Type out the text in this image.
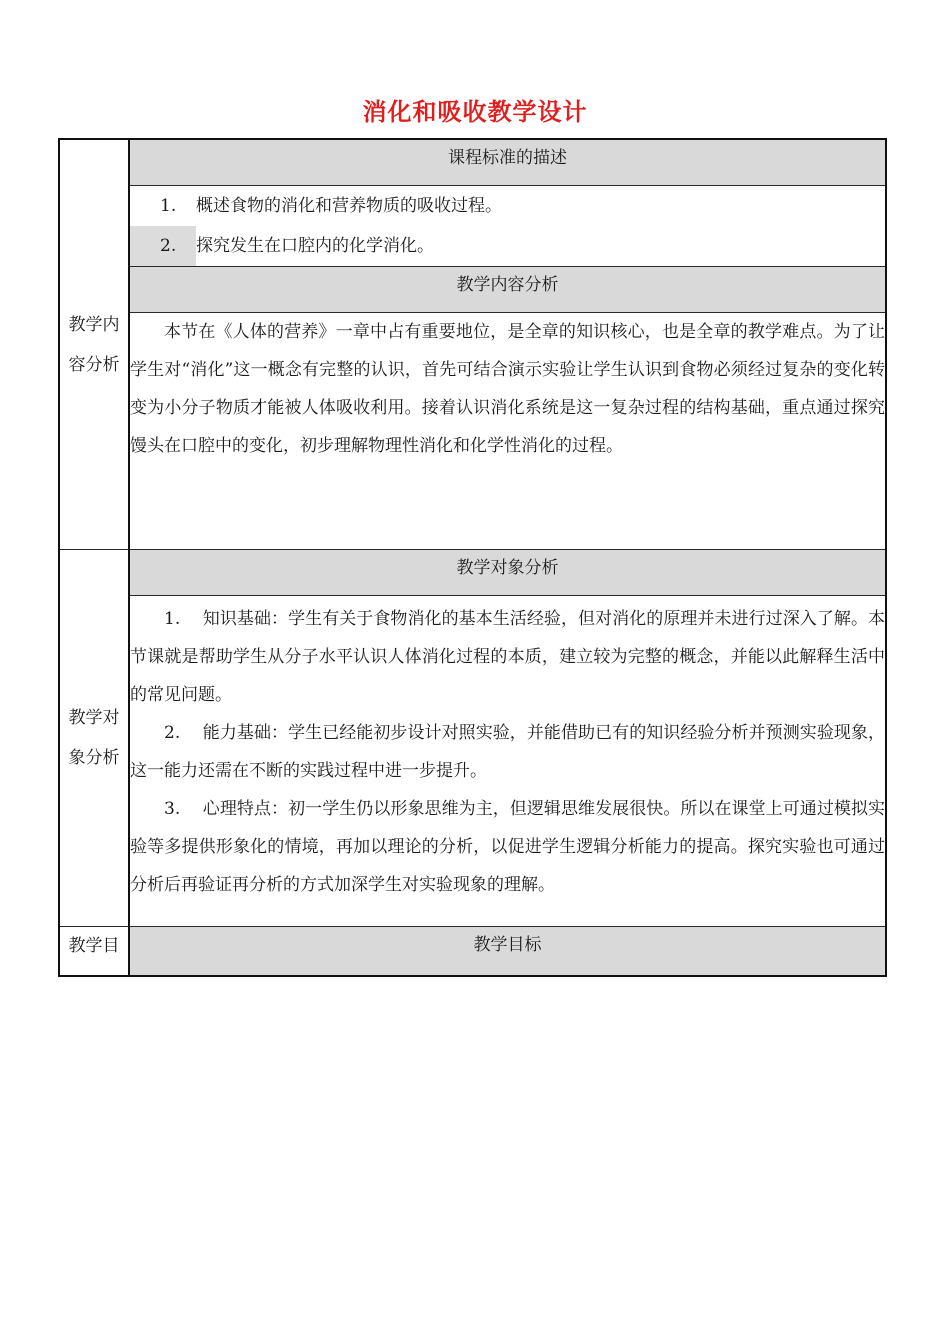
消化和吸收教学设计
教学内
容分析	课程标准的描述

	1. 概述食物的消化和营养物质的吸收过程。
2. 探究发生在口腔内的化学消化。

	教学内容分析

	本节在《人体的营养》一章中占有重要地位，是全章的知识核心，也是全章的教学难点。为了让学生对“消化”这一概念有完整的认识，首先可结合演示实验让学生认识到食物必须经过复杂的变化转变为小分子物质才能被人体吸收利用。接着认识消化系统是这一复杂过程的结构基础，重点通过探究馒头在口腔中的变化，初步理解物理性消化和化学性消化的过程。

教学对
象分析	教学对象分析

	1.　 知识基础：学生有关于食物消化的基本生活经验，但对消化的原理并未进行过深入了解。本节课就是帮助学生从分子水平认识人体消化过程的本质，建立较为完整的概念，并能以此解释生活中的常见问题。

2.　 能力基础：学生已经能初步设计对照实验，并能借助已有的知识经验分析并预测实验现象，这一能力还需在不断的实践过程中进一步提升。

3.　 心理特点：初一学生仍以形象思维为主，但逻辑思维发展很快。所以在课堂上可通过模拟实验等多提供形象化的情境，再加以理论的分析，以促进学生逻辑分析能力的提高。探究实验也可通过分析后再验证再分析的方式加深学生对实验现象的理解。

教学目	教学目标
